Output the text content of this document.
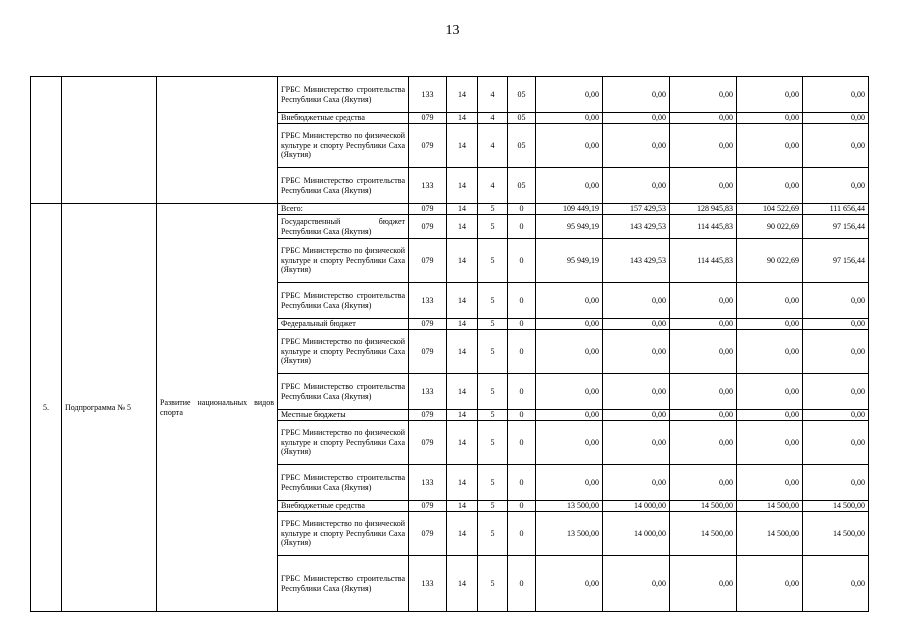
13
			ГРБС Министерство строительства Республики Саха (Якутия)	133	14	4	05	0,00	0,00	0,00	0,00	0,00
			Внебюджетные средства	079	14	4	05	0,00	0,00	0,00	0,00	0,00
			ГРБС Министерство по физической культуре и спорту Республики Саха (Якутия)	079	14	4	05	0,00	0,00	0,00	0,00	0,00
			ГРБС Министерство строительства Республики Саха (Якутия)	133	14	4	05	0,00	0,00	0,00	0,00	0,00
5.	Подпрограмма № 5	Развитие национальных видов спорта	Всего:	079	14	5	0	109 449,19	157 429,53	128 945,83	104 522,69	111 656,44
			Государственный бюджет Республики Саха (Якутия)	079	14	5	0	95 949,19	143 429,53	114 445,83	90 022,69	97 156,44
			ГРБС Министерство по физической культуре и спорту Республики Саха (Якутия)	079	14	5	0	95 949,19	143 429,53	114 445,83	90 022,69	97 156,44
			ГРБС Министерство строительства Республики Саха (Якутия)	133	14	5	0	0,00	0,00	0,00	0,00	0,00
			Федеральный бюджет	079	14	5	0	0,00	0,00	0,00	0,00	0,00
			ГРБС Министерство по физической культуре и спорту Республики Саха (Якутия)	079	14	5	0	0,00	0,00	0,00	0,00	0,00
			ГРБС Министерство строительства Республики Саха (Якутия)	133	14	5	0	0,00	0,00	0,00	0,00	0,00
			Местные бюджеты	079	14	5	0	0,00	0,00	0,00	0,00	0,00
			ГРБС Министерство по физической культуре и спорту Республики Саха (Якутия)	079	14	5	0	0,00	0,00	0,00	0,00	0,00
			ГРБС Министерство строительства Республики Саха (Якутия)	133	14	5	0	0,00	0,00	0,00	0,00	0,00
			Внебюджетные средства	079	14	5	0	13 500,00	14 000,00	14 500,00	14 500,00	14 500,00
			ГРБС Министерство по физической культуре и спорту Республики Саха (Якутия)	079	14	5	0	13 500,00	14 000,00	14 500,00	14 500,00	14 500,00
			ГРБС Министерство строительства Республики Саха (Якутия)	133	14	5	0	0,00	0,00	0,00	0,00	0,00
